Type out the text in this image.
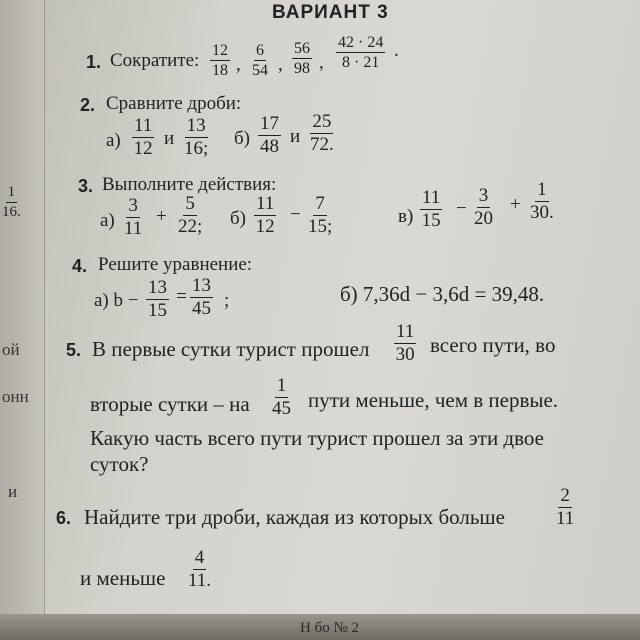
$\frac{1}{16.}$
ой
онн
и
ВАРИАНТ 3
1. Сократите: $\frac{12}{18}$ , $\frac{6}{54}$ , $\frac{56}{98}$ , $\frac{42 \cdot 24}{8 \cdot 21}$ .
2. Сравните дроби:
$а) \frac{11}{12}$ и $\frac{13}{16;} б) \frac{17}{48}$ и $\frac{25}{72.}$
3. Выполните действия:
$а) \frac{3}{11} + \frac{5}{22;} б) \frac{11}{12} - \frac{7}{15;}$	$в) \frac{11}{15} - \frac{3}{20} + \frac{1}{30.}$
4. Решите уравнение:
а) $b - \frac{13}{15} = \frac{13}{45}$ ;	б) 7,36d − 3,6d = 39,48.
5. В первые сутки турист прошел $\frac{11}{30}$ всего пути, во
вторые сутки – на $\frac{1}{45}$ пути меньше, чем в первые.
Какую часть всего пути турист прошел за эти двое
суток?
6. Найдите три дроби, каждая из которых больше	$\frac{2}{11}$
и меньше $\frac{4}{11.}$
Н бо № 2
